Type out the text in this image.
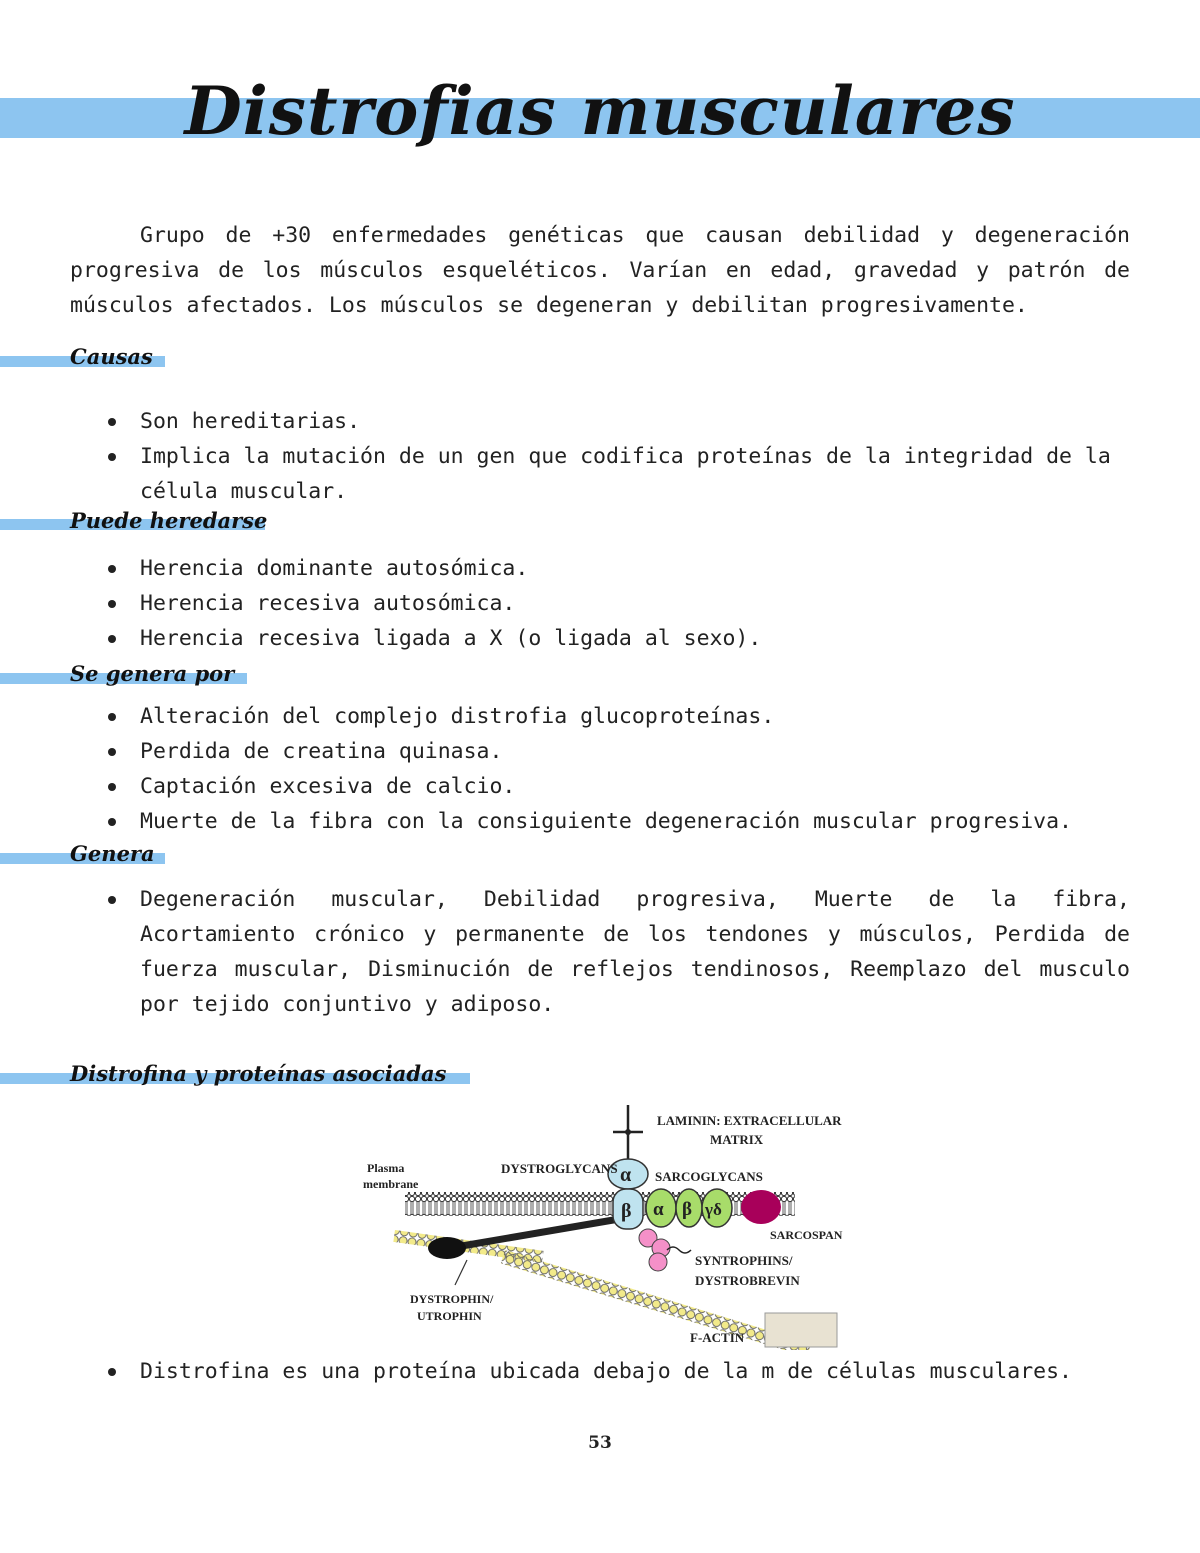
Distrofias musculares

Grupo de +30 enfermedades genéticas que causan debilidad y degeneración progresiva de los músculos esqueléticos. Varían en edad, gravedad y patrón de músculos afectados. Los músculos se degeneran y debilitan progresivamente.

Causas
Son hereditarias.
Implica la mutación de un gen que codifica proteínas de la integridad de la célula muscular.
Puede heredarse
Herencia dominante autosómica.
Herencia recesiva autosómica.
Herencia recesiva ligada a X (o ligada al sexo).
Se genera por
Alteración del complejo distrofia glucoproteínas.
Perdida de creatina quinasa.
Captación excesiva de calcio.
Muerte de la fibra con la consiguiente degeneración muscular progresiva.
Genera
Degeneración muscular, Debilidad progresiva, Muerte de la fibra, Acortamiento crónico y permanente de los tendones y músculos, Perdida de fuerza muscular, Disminución de reflejos tendinosos, Reemplazo del musculo por tejido conjuntivo y adiposo.
Distrofina y proteínas asociadas
α
β α β γδ
LAMININ: EXTRACELLULAR
MATRIX
Plasma
membrane
DYSTROGLYCANS
SARCOGLYCANS
SARCOSPAN
SYNTROPHINS/
DYSTROBREVIN
DYSTROPHIN/
UTROPHIN
F-ACTIN
Distrofina es una proteína ubicada debajo de la m de células musculares.
53
